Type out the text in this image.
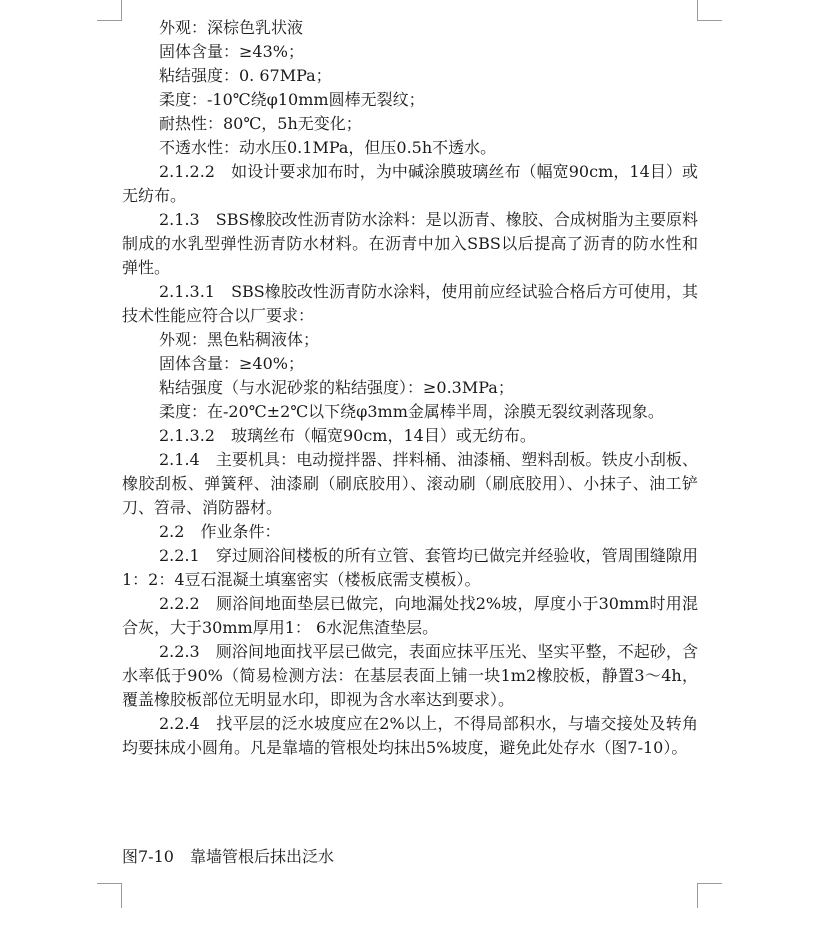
外观：深棕色乳状液

固体含量：≥43%；

粘结强度：0. 67MPa；

柔度：-10℃绕φ10mm圆棒无裂纹；

耐热性：80℃，5h无变化；

不透水性：动水压0.1MPa，但压0.5h不透水。

2.1.2.2　如设计要求加布时，为中碱涂膜玻璃丝布（幅宽90cm，14目）或无纺布。

2.1.3　SBS橡胶改性沥青防水涂料：是以沥青、橡胶、合成树脂为主要原料制成的水乳型弹性沥青防水材料。在沥青中加入SBS以后提高了沥青的防水性和弹性。

2.1.3.1　SBS橡胶改性沥青防水涂料，使用前应经试验合格后方可使用，其技术性能应符合以厂要求：

外观：黑色粘稠液体；

固体含量：≥40%；

粘结强度（与水泥砂浆的粘结强度）：≥0.3MPa；

柔度：在-20℃±2℃以下绕φ3mm金属棒半周，涂膜无裂纹剥落现象。

2.1.3.2　玻璃丝布（幅宽90cm，14目）或无纺布。

2.1.4　主要机具：电动搅拌器、拌料桶、油漆桶、塑料刮板。铁皮小刮板、橡胶刮板、弹簧秤、油漆刷（刷底胶用）、滚动刷（刷底胶用）、小抹子、油工铲刀、笤帚、消防器材。

2.2　作业条件：

2.2.1　穿过厕浴间楼板的所有立管、套管均已做完并经验收，管周围缝隙用1：2：4豆石混凝土填塞密实（楼板底需支模板）。

2.2.2　厕浴间地面垫层已做完，向地漏处找2%坡，厚度小于30mm时用混合灰，大于30mm厚用1： 6水泥焦渣垫层。

2.2.3　厕浴间地面找平层已做完，表面应抹平压光、坚实平整，不起砂，含水率低于90%（简易检测方法：在基层表面上铺一块1m2橡胶板，静置3～4h，覆盖橡胶板部位无明显水印，即视为含水率达到要求）。

2.2.4　找平层的泛水坡度应在2%以上，不得局部积水，与墙交接处及转角均要抹成小圆角。凡是靠墙的管根处均抹出5%坡度，避免此处存水（图7-10）。

图7-10　靠墙管根后抹出泛水
